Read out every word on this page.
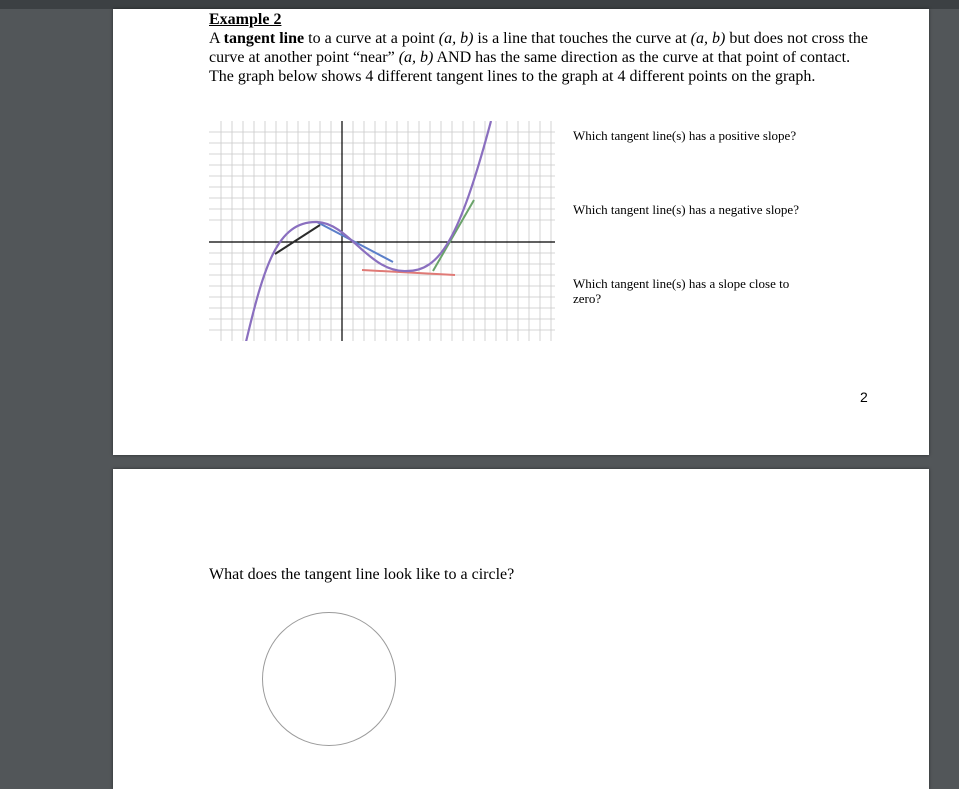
Example 2

A tangent line to a curve at a point (a, b) is a line that touches the curve at (a, b) but does not cross the curve at another point “near” (a, b) AND has the same direction as the curve at that point of contact. The graph below shows 4 different tangent lines to the graph at 4 different points on the graph.

Which tangent line(s) has a positive slope?

Which tangent line(s) has a negative slope?

Which tangent line(s) has a slope close to zero?

2

What does the tangent line look like to a circle?
